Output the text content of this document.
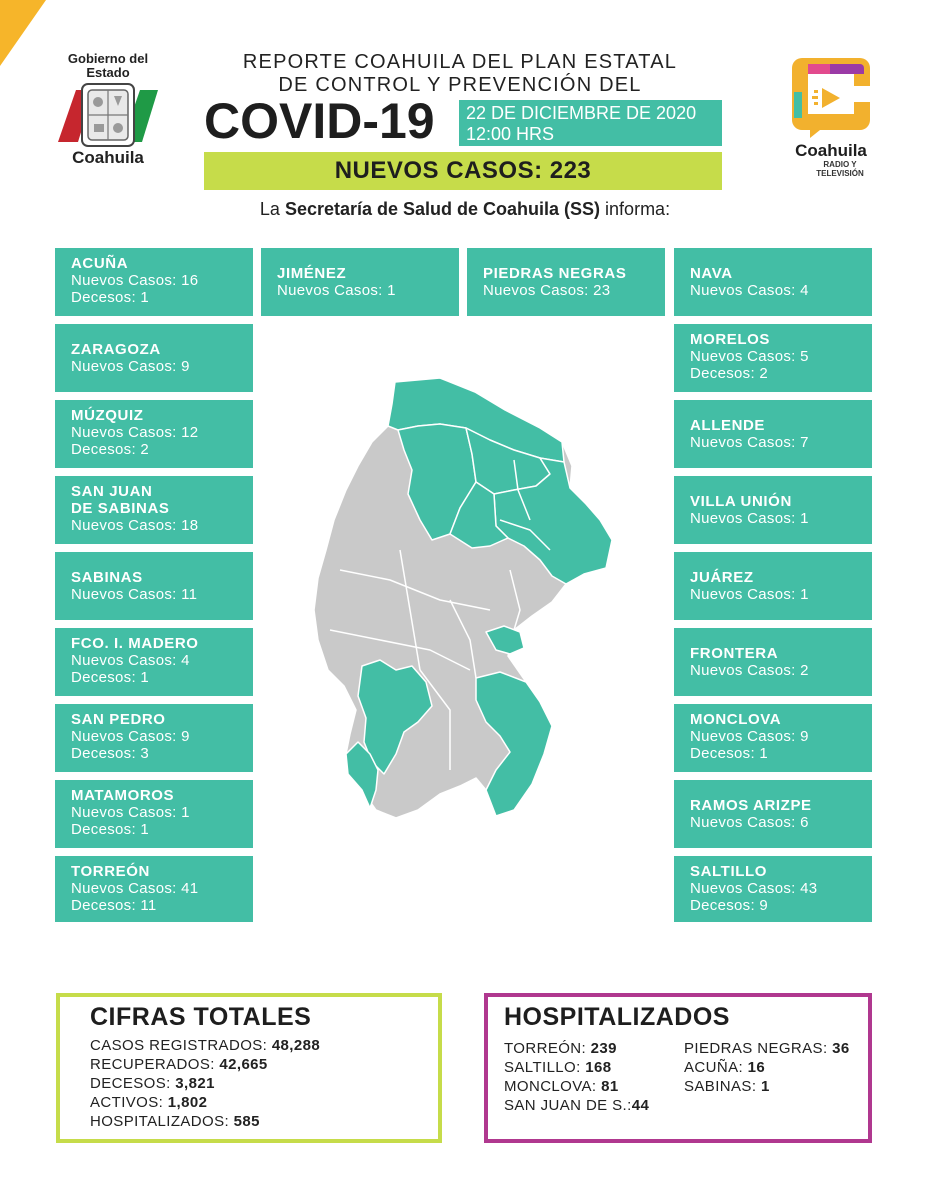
Gobierno del Estado
Coahuila
REPORTE COAHUILA DEL PLAN ESTATAL
DE CONTROL Y PREVENCIÓN DEL
COVID-19 22 DE DICIEMBRE DE 2020
12:00 HRS
NUEVOS CASOS: 223
La Secretaría de Salud de Coahuila (SS) informa:
Coahuila
RADIO Y
TELEVISIÓN
ACUÑA
Nuevos Casos: 16
Decesos: 1
ZARAGOZA
Nuevos Casos: 9
MÚZQUIZ
Nuevos Casos: 12
Decesos: 2
SAN JUAN
DE SABINAS
Nuevos Casos: 18
SABINAS
Nuevos Casos: 11
FCO. I. MADERO
Nuevos Casos: 4
Decesos: 1
SAN PEDRO
Nuevos Casos: 9
Decesos: 3
MATAMOROS
Nuevos Casos: 1
Decesos: 1
TORREÓN
Nuevos Casos: 41
Decesos: 11
JIMÉNEZ
Nuevos Casos: 1
PIEDRAS NEGRAS
Nuevos Casos: 23
NAVA
Nuevos Casos: 4
MORELOS
Nuevos Casos: 5
Decesos: 2
ALLENDE
Nuevos Casos: 7
VILLA UNIÓN
Nuevos Casos: 1
JUÁREZ
Nuevos Casos: 1
FRONTERA
Nuevos Casos: 2
MONCLOVA
Nuevos Casos: 9
Decesos: 1
RAMOS ARIZPE
Nuevos Casos: 6
SALTILLO
Nuevos Casos: 43
Decesos: 9
CIFRAS TOTALES
CASOS REGISTRADOS: 48,288
RECUPERADOS: 42,665
DECESOS: 3,821
ACTIVOS: 1,802
HOSPITALIZADOS: 585
HOSPITALIZADOS
TORREÓN: 239
SALTILLO: 168
MONCLOVA: 81
SAN JUAN DE S.:44
PIEDRAS NEGRAS: 36
ACUÑA: 16
SABINAS: 1
